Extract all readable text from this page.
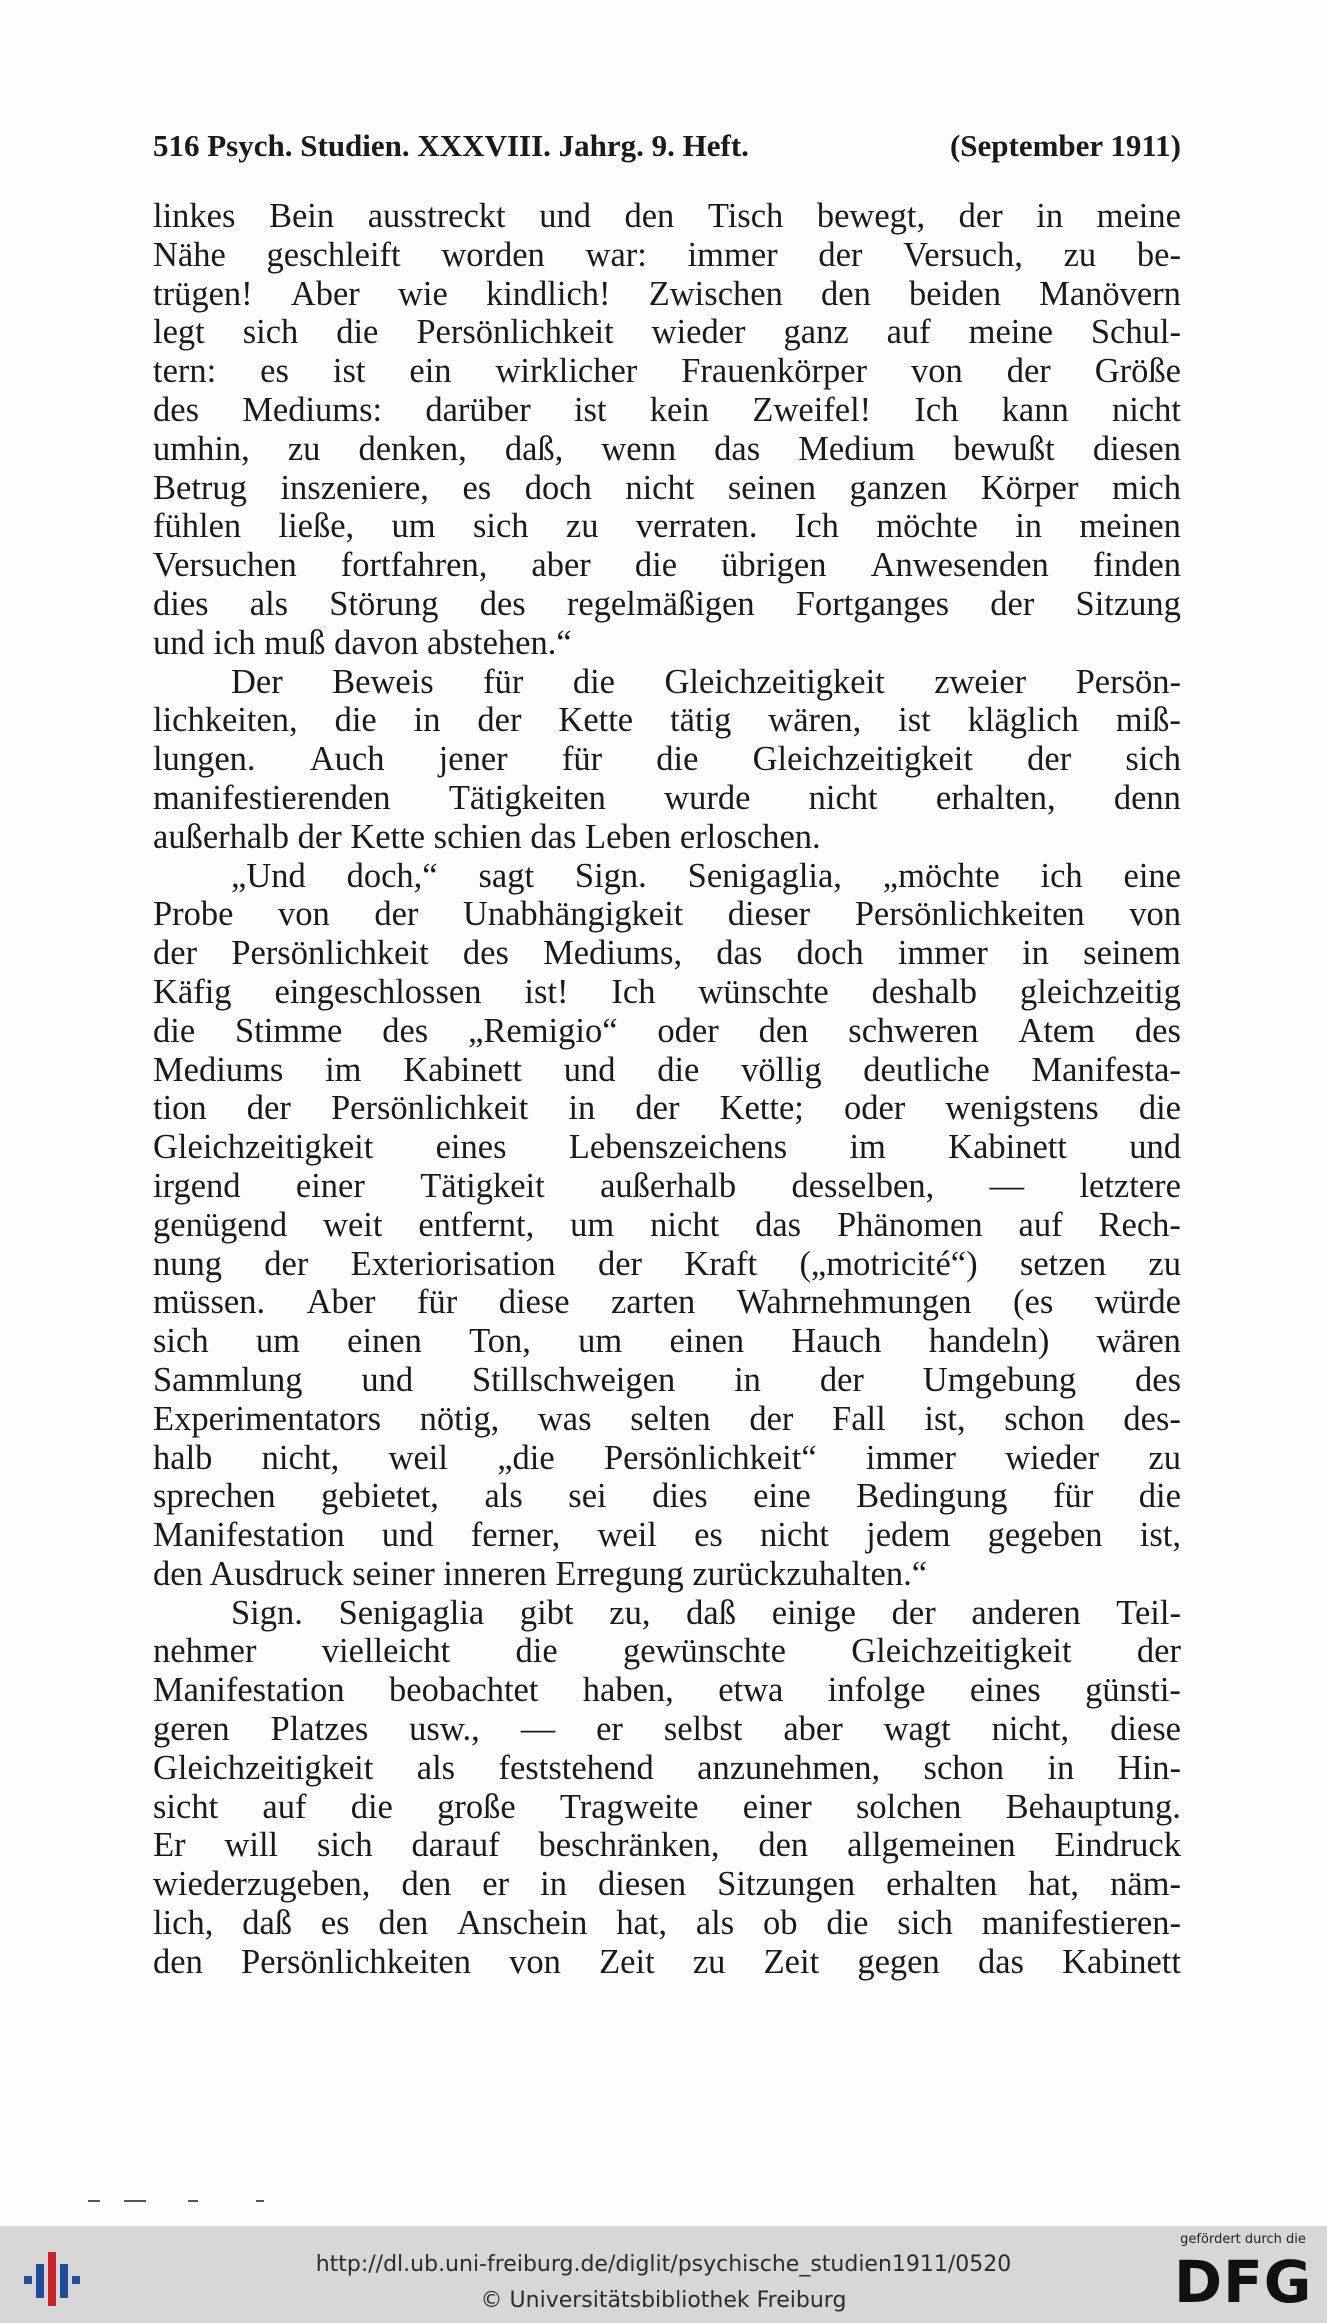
516 Psych. Studien. XXXVIII. Jahrg. 9. Heft.	(September 1911)
linkes Bein ausstreckt und den Tisch bewegt, der in meine
Nähe geschleift worden war: immer der Versuch, zu be-
trügen! Aber wie kindlich! Zwischen den beiden Manövern
legt sich die Persönlichkeit wieder ganz auf meine Schul-
tern: es ist ein wirklicher Frauenkörper von der Größe
des Mediums: darüber ist kein Zweifel! Ich kann nicht
umhin, zu denken, daß, wenn das Medium bewußt diesen
Betrug inszeniere, es doch nicht seinen ganzen Körper mich
fühlen ließe, um sich zu verraten. Ich möchte in meinen
Versuchen fortfahren, aber die übrigen Anwesenden finden
dies als Störung des regelmäßigen Fortganges der Sitzung
und ich muß davon abstehen.“
Der Beweis für die Gleichzeitigkeit zweier Persön-
lichkeiten, die in der Kette tätig wären, ist kläglich miß-
lungen. Auch jener für die Gleichzeitigkeit der sich
manifestierenden Tätigkeiten wurde nicht erhalten, denn
außerhalb der Kette schien das Leben erloschen.
„Und doch,“ sagt Sign. Senigaglia, „möchte ich eine
Probe von der Unabhängigkeit dieser Persönlichkeiten von
der Persönlichkeit des Mediums, das doch immer in seinem
Käfig eingeschlossen ist! Ich wünschte deshalb gleichzeitig
die Stimme des „Remigio“ oder den schweren Atem des
Mediums im Kabinett und die völlig deutliche Manifesta-
tion der Persönlichkeit in der Kette; oder wenigstens die
Gleichzeitigkeit eines Lebenszeichens im Kabinett und
irgend einer Tätigkeit außerhalb desselben, — letztere
genügend weit entfernt, um nicht das Phänomen auf Rech-
nung der Exteriorisation der Kraft („motricité“) setzen zu
müssen. Aber für diese zarten Wahrnehmungen (es würde
sich um einen Ton, um einen Hauch handeln) wären
Sammlung und Stillschweigen in der Umgebung des
Experimentators nötig, was selten der Fall ist, schon des-
halb nicht, weil „die Persönlichkeit“ immer wieder zu
sprechen gebietet, als sei dies eine Bedingung für die
Manifestation und ferner, weil es nicht jedem gegeben ist,
den Ausdruck seiner inneren Erregung zurückzuhalten.“
Sign. Senigaglia gibt zu, daß einige der anderen Teil-
nehmer vielleicht die gewünschte Gleichzeitigkeit der
Manifestation beobachtet haben, etwa infolge eines günsti-
geren Platzes usw., — er selbst aber wagt nicht, diese
Gleichzeitigkeit als feststehend anzunehmen, schon in Hin-
sicht auf die große Tragweite einer solchen Behauptung.
Er will sich darauf beschränken, den allgemeinen Eindruck
wiederzugeben, den er in diesen Sitzungen erhalten hat, näm-
lich, daß es den Anschein hat, als ob die sich manifestieren-
den Persönlichkeiten von Zeit zu Zeit gegen das Kabinett
http://dl.ub.uni-freiburg.de/diglit/psychische_studien1911/0520
© Universitätsbibliothek Freiburg
gefördert durch die
DFG
